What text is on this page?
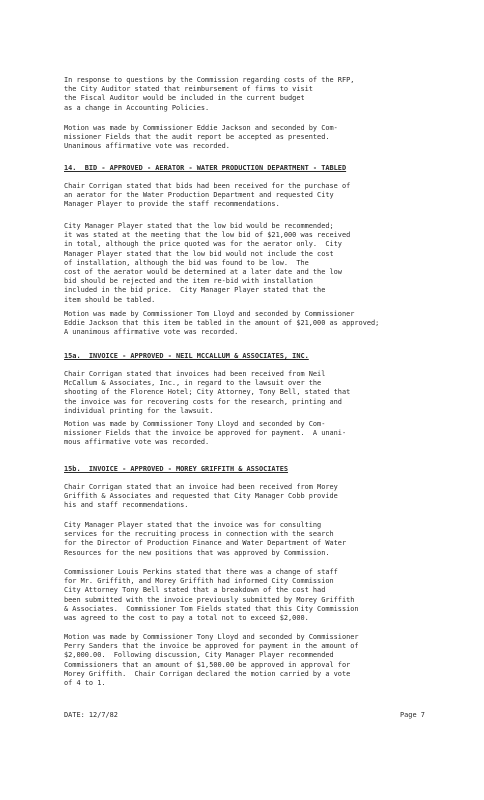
In response to questions by the Commission regarding costs of the RFP,
the City Auditor stated that reimbursement of firms to visit
the Fiscal Auditor would be included in the current budget
as a change in Accounting Policies.
Motion was made by Commissioner Eddie Jackson and seconded by Com-
missioner Fields that the audit report be accepted as presented.
Unanimous affirmative vote was recorded.
14.  BID - APPROVED - AERATOR - WATER PRODUCTION DEPARTMENT - TABLED
Chair Corrigan stated that bids had been received for the purchase of
an aerator for the Water Production Department and requested City
Manager Player to provide the staff recommendations.
City Manager Player stated that the low bid would be recommended;
it was stated at the meeting that the low bid of $21,000 was received
in total, although the price quoted was for the aerator only.  City
Manager Player stated that the low bid would not include the cost
of installation, although the bid was found to be low.  The
cost of the aerator would be determined at a later date and the low
bid should be rejected and the item re-bid with installation
included in the bid price.  City Manager Player stated that the
item should be tabled.
Motion was made by Commissioner Tom Lloyd and seconded by Commissioner
Eddie Jackson that this item be tabled in the amount of $21,000 as approved;
A unanimous affirmative vote was recorded.
15a.  INVOICE - APPROVED - NEIL MCCALLUM & ASSOCIATES, INC.
Chair Corrigan stated that invoices had been received from Neil
McCallum & Associates, Inc., in regard to the lawsuit over the
shooting of the Florence Hotel; City Attorney, Tony Bell, stated that
the invoice was for recovering costs for the research, printing and
individual printing for the lawsuit.
Motion was made by Commissioner Tony Lloyd and seconded by Com-
missioner Fields that the invoice be approved for payment.  A unani-
mous affirmative vote was recorded.
15b.  INVOICE - APPROVED - MOREY GRIFFITH & ASSOCIATES
Chair Corrigan stated that an invoice had been received from Morey
Griffith & Associates and requested that City Manager Cobb provide
his and staff recommendations.
City Manager Player stated that the invoice was for consulting
services for the recruiting process in connection with the search
for the Director of Production Finance and Water Department of Water
Resources for the new positions that was approved by Commission.
Commissioner Louis Perkins stated that there was a change of staff
for Mr. Griffith, and Morey Griffith had informed City Commission
City Attorney Tony Bell stated that a breakdown of the cost had
been submitted with the invoice previously submitted by Morey Griffith
& Associates.  Commissioner Tom Fields stated that this City Commission
was agreed to the cost to pay a total not to exceed $2,000.
Motion was made by Commissioner Tony Lloyd and seconded by Commissioner
Perry Sanders that the invoice be approved for payment in the amount of
$2,000.00.  Following discussion, City Manager Player recommended
Commissioners that an amount of $1,500.00 be approved in approval for
Morey Griffith.  Chair Corrigan declared the motion carried by a vote
of 4 to 1.
DATE: 12/7/82	Page 7
